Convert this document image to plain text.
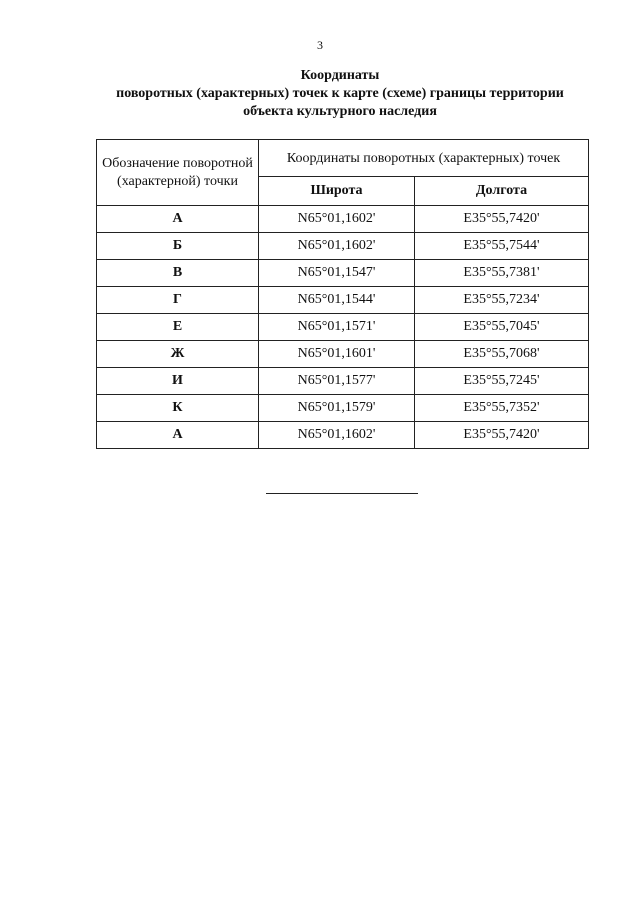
3
Координаты
поворотных (характерных) точек к карте (схеме) границы территории
объекта культурного наследия
Обозначение поворотной (характерной) точки	Координаты поворотных (характерных) точек	
	Широта	Долгота
А	N65°01,1602'	E35°55,7420'
Б	N65°01,1602'	E35°55,7544'
В	N65°01,1547'	E35°55,7381'
Г	N65°01,1544'	E35°55,7234'
Е	N65°01,1571'	E35°55,7045'
Ж	N65°01,1601'	E35°55,7068'
И	N65°01,1577'	E35°55,7245'
К	N65°01,1579'	E35°55,7352'
А	N65°01,1602'	E35°55,7420'
